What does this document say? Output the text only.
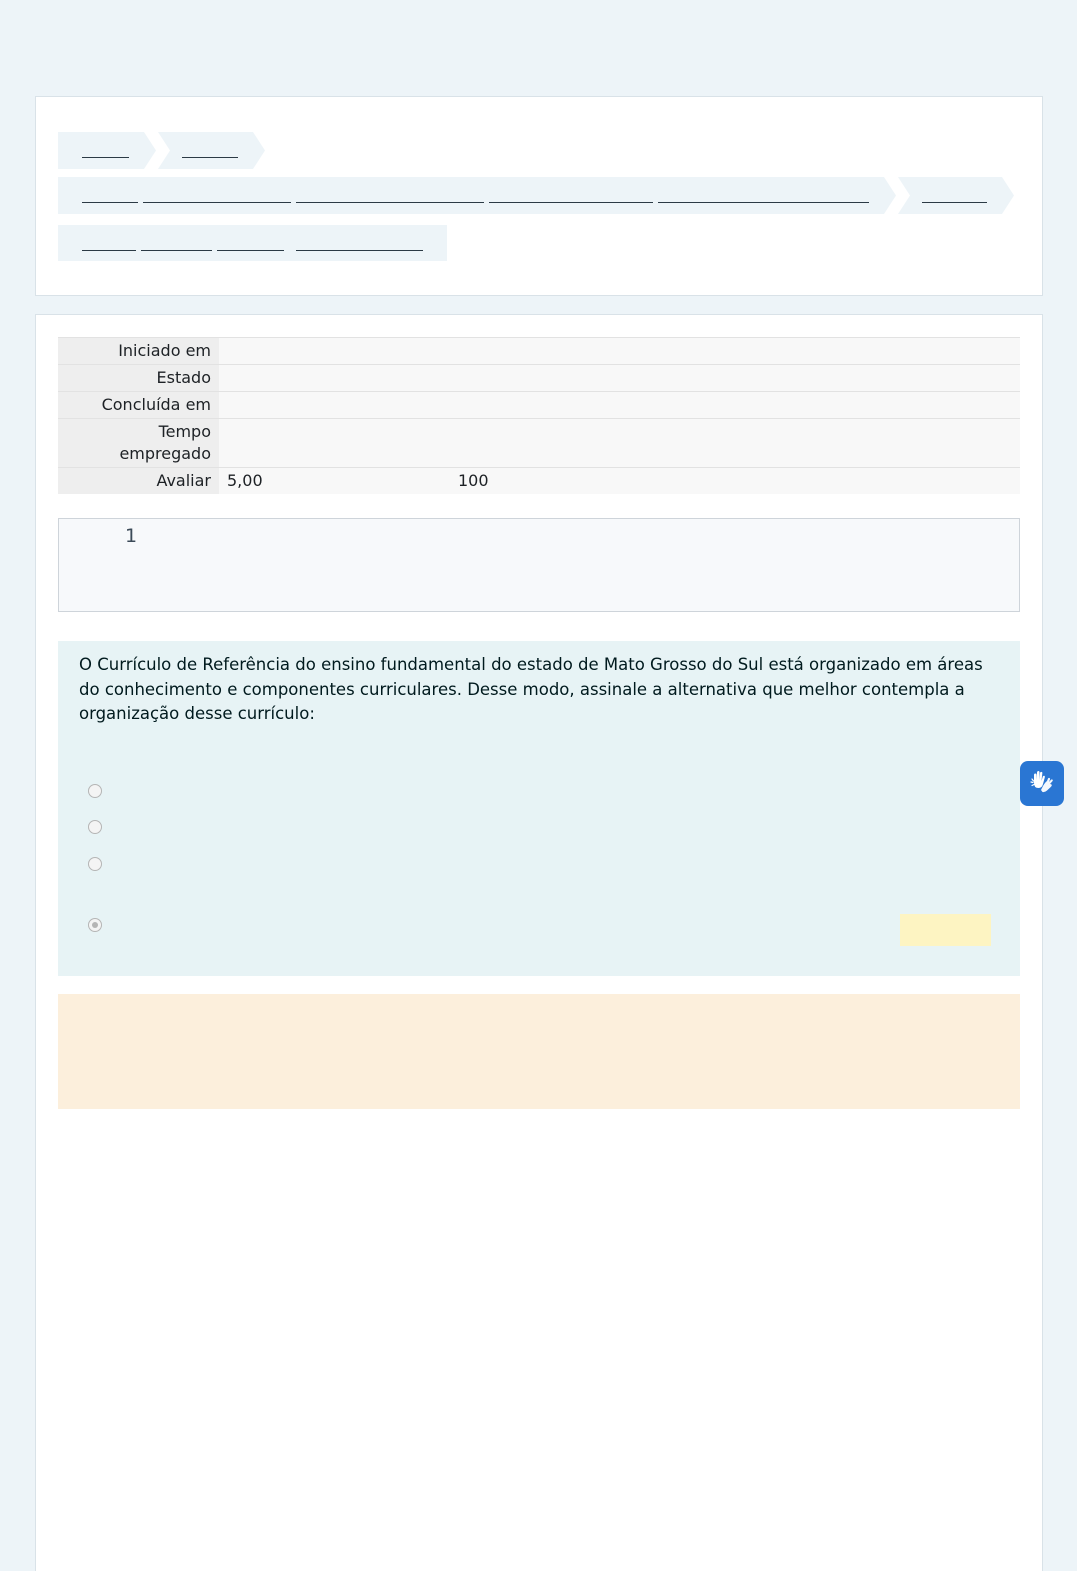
Iniciado em	
Estado	
Concluída em	
Tempo empregado	
Avaliar	5,00 100
1
O Currículo de Referência do ensino fundamental do estado de Mato Grosso do Sul está organizado em áreas do conhecimento e componentes curriculares. Desse modo, assinale a alternativa que melhor contempla a organização desse currículo:
